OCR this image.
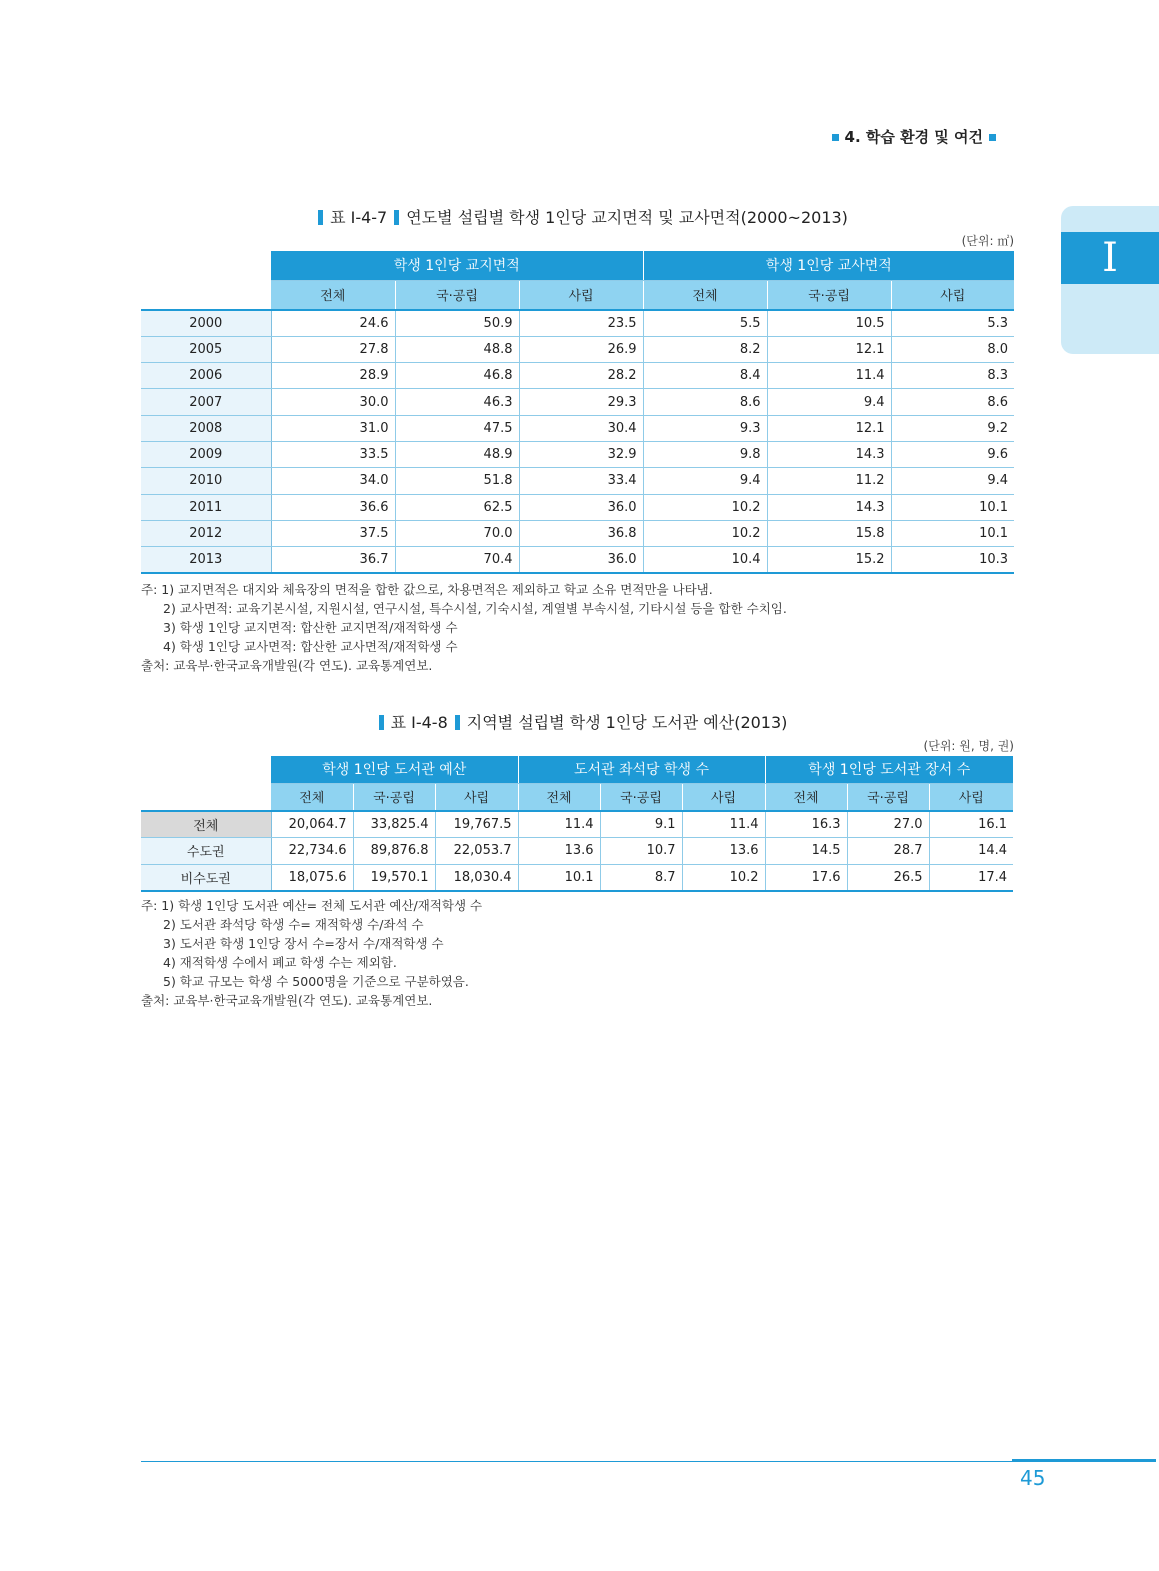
4. 학습 환경 및 여건
I
표 Ⅰ-4-7 연도별 설립별 학생 1인당 교지면적 및 교사면적(2000~2013)
(단위: ㎡)
	학생 1인당 교지면적			학생 1인당 교사면적		
	전체	국·공립	사립	전체	국·공립	사립
2000	24.6	50.9	23.5	5.5	10.5	5.3
2005	27.8	48.8	26.9	8.2	12.1	8.0
2006	28.9	46.8	28.2	8.4	11.4	8.3
2007	30.0	46.3	29.3	8.6	9.4	8.6
2008	31.0	47.5	30.4	9.3	12.1	9.2
2009	33.5	48.9	32.9	9.8	14.3	9.6
2010	34.0	51.8	33.4	9.4	11.2	9.4
2011	36.6	62.5	36.0	10.2	14.3	10.1
2012	37.5	70.0	36.8	10.2	15.8	10.1
2013	36.7	70.4	36.0	10.4	15.2	10.3
주: 1) 교지면적은 대지와 체육장의 면적을 합한 값으로, 차용면적은 제외하고 학교 소유 면적만을 나타냄.
2) 교사면적: 교육기본시설, 지원시설, 연구시설, 특수시설, 기숙시설, 계열별 부속시설, 기타시설 등을 합한 수치임.
3) 학생 1인당 교지면적: 합산한 교지면적/재적학생 수
4) 학생 1인당 교사면적: 합산한 교사면적/재적학생 수
출처: 교육부·한국교육개발원(각 연도). 교육통계연보.
표 Ⅰ-4-8 지역별 설립별 학생 1인당 도서관 예산(2013)
(단위: 원, 명, 권)
	학생 1인당 도서관 예산			도서관 좌석당 학생 수			학생 1인당 도서관 장서 수		
	전체	국·공립	사립	전체	국·공립	사립	전체	국·공립	사립
전체	20,064.7	33,825.4	19,767.5	11.4	9.1	11.4	16.3	27.0	16.1
수도권	22,734.6	89,876.8	22,053.7	13.6	10.7	13.6	14.5	28.7	14.4
비수도권	18,075.6	19,570.1	18,030.4	10.1	8.7	10.2	17.6	26.5	17.4
주: 1) 학생 1인당 도서관 예산= 전체 도서관 예산/재적학생 수
2) 도서관 좌석당 학생 수= 재적학생 수/좌석 수
3) 도서관 학생 1인당 장서 수=장서 수/재적학생 수
4) 재적학생 수에서 폐교 학생 수는 제외함.
5) 학교 규모는 학생 수 5000명을 기준으로 구분하였음.
출처: 교육부·한국교육개발원(각 연도). 교육통계연보.
45
